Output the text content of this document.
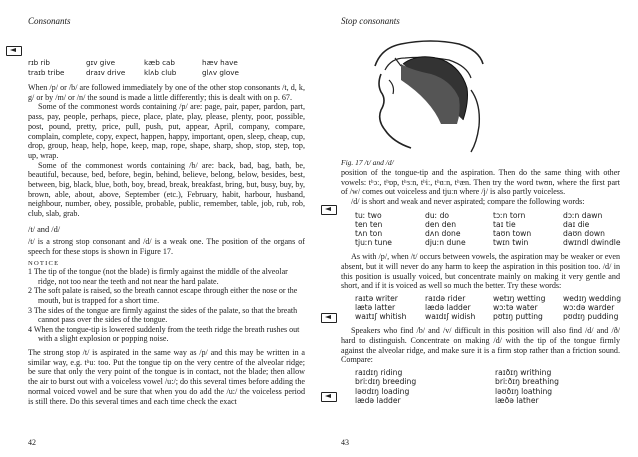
Consonants
rɪb rib	gɪv give	kæb cab	hæv have
traɪb tribe	draɪv drive	klʌb club	glʌv glove

When /p/ or /b/ are followed immediately by one of the other stop consonants /t, d, k, g/ or by /m/ or /n/ the sound is made a little differently; this is dealt with on p. 67.

Some of the commonest words containing /p/ are: page, pair, paper, pardon, part, pass, pay, people, perhaps, piece, place, plate, play, please, plenty, poor, possible, post, pound, pretty, price, pull, push, put, appear, April, company, compare, complain, complete, copy, expect, happen, happy, important, open, sleep, cheap, cup, drop, group, heap, help, hope, keep, map, rope, shape, sharp, shop, stop, step, top, up, wrap.

Some of the commonest words containing /b/ are: back, bad, bag, bath, be, beautiful, because, bed, before, begin, behind, believe, belong, below, besides, best, between, big, black, blue, both, boy, bread, break, breakfast, bring, but, busy, buy, by, brown, able, about, above, September (etc.), February, habit, harbour, husband, neighbour, number, obey, possible, probable, public, remember, table, job, rub, rob, club, slab, grab.

/t/ and /d/

/t/ is a strong stop consonant and /d/ is a weak one. The position of the organs of speech for these stops is shown in Figure 17.

NOTICE
1 The tip of the tongue (not the blade) is firmly against the middle of the alveolar ridge, not too near the teeth and not near the hard palate.
2 The soft palate is raised, so the breath cannot escape through either the nose or the mouth, but is trapped for a short time.
3 The sides of the tongue are firmly against the sides of the palate, so that the breath cannot pass over the sides of the tongue.
4 When the tongue-tip is lowered suddenly from the teeth ridge the breath rushes out with a slight explosion or popping noise.

The strong stop /t/ is aspirated in the same way as /p/ and this may be written in a similar way, e.g. tʰuː too. Put the tongue tip on the very centre of the alveolar ridge; be sure that only the very point of the tongue is in contact, not the blade; then allow the air to burst out with a voiceless vowel /u:/; do this several times before adding the normal voiced vowel and be sure that when you do add the /u:/ the voiceless period is still there. Do this several times and each time check the exact

42
Stop consonants
Fig. 17 /t/ and /d/

position of the tongue-tip and the aspiration. Then do the same thing with other vowels: tʰɔː, tʰɒp, tʰɜːn, tʰiː, tʰɑːn, tʰæn. Then try the word twʊn, where the first part of /w/ comes out voiceless and tjuːn where /j/ is also partly voiceless.

/d/ is short and weak and never aspirated; compare the following words:

tuː two	duː do	tɔːn torn	dɔːn dawn
ten ten	den den	taɪ tie	daɪ die
tʌn ton	dʌn done	taʊn town	daʊn down
tjuːn tune	djuːn dune	twɪn twin	dwɪndl dwindle

As with /p/, when /t/ occurs between vowels, the aspiration may be weaker or even absent, but it will never do any harm to keep the aspiration in this position too. /d/ in this position is usually voiced, but concentrate mainly on making it very gentle and short, and if it is voiced as well so much the better. Try these words:

raɪtə writer	raɪdə rider	wetɪŋ wetting	wedɪŋ wedding
lætə latter	lædə ladder	wɔːtə water	wɔːdə warder
waɪtɪʃ whitish	waɪdɪʃ widish	pʊtɪŋ putting	pʊdɪŋ pudding

Speakers who find /b/ and /v/ difficult in this position will also find /d/ and /ð/ hard to distinguish. Concentrate on making /d/ with the tip of the tongue firmly against the alveolar ridge, and make sure it is a firm stop rather than a friction sound. Compare:

raɪdɪŋ riding	raɪðɪŋ writhing
briːdɪŋ breeding	briːðɪŋ breathing
ləʊdɪŋ loading	ləʊðɪŋ loathing
lædə ladder	læðə lather
43
